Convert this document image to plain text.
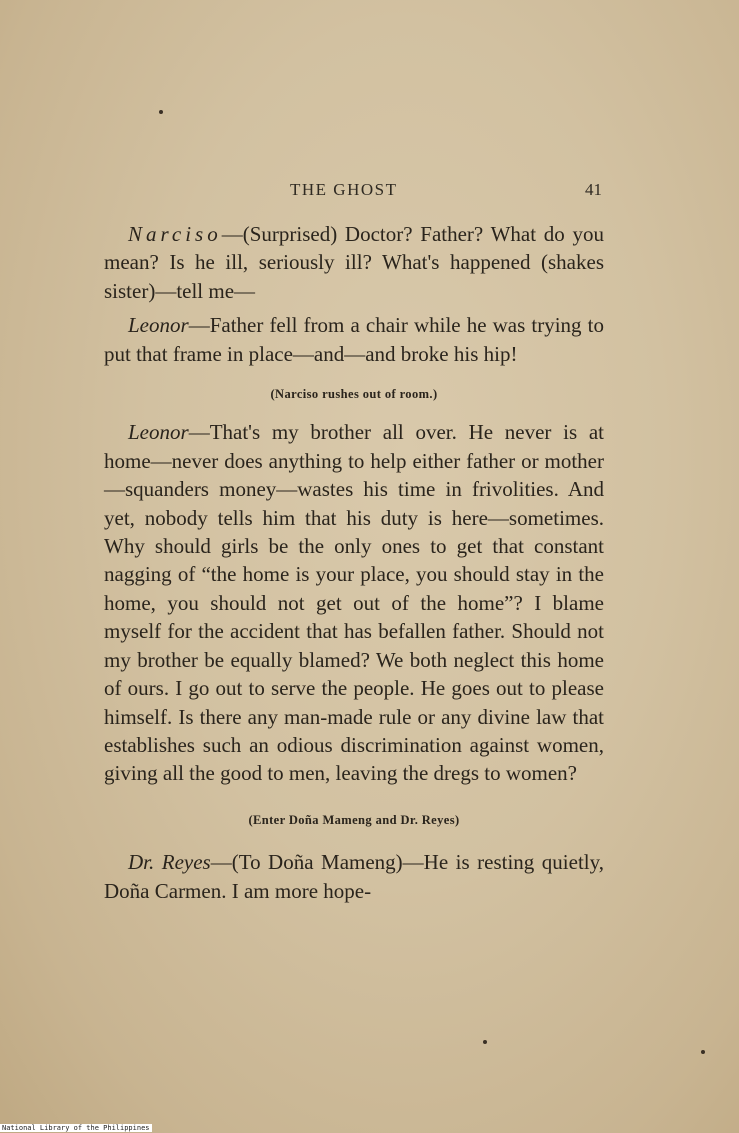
THE GHOST	41

Narciso—(Surprised) Doctor? Father? What do you mean? Is he ill, seriously ill? What's happened (shakes sister)—tell me—

Leonor—Father fell from a chair while he was trying to put that frame in place—and—and broke his hip!

(Narciso rushes out of room.)

Leonor—That's my brother all over. He never is at home—never does anything to help either father or mother—squanders money—wastes his time in frivolities. And yet, nobody tells him that his duty is here—sometimes. Why should girls be the only ones to get that constant nagging of “the home is your place, you should stay in the home, you should not get out of the home”? I blame myself for the accident that has befallen father. Should not my brother be equally blamed? We both neglect this home of ours. I go out to serve the people. He goes out to please himself. Is there any man-made rule or any divine law that establishes such an odious discrimination against women, giving all the good to men, leaving the dregs to women?

(Enter Doña Mameng and Dr. Reyes)

Dr. Reyes—(To Doña Mameng)—He is resting quietly, Doña Carmen. I am more hope-

National Library of the Philippines
